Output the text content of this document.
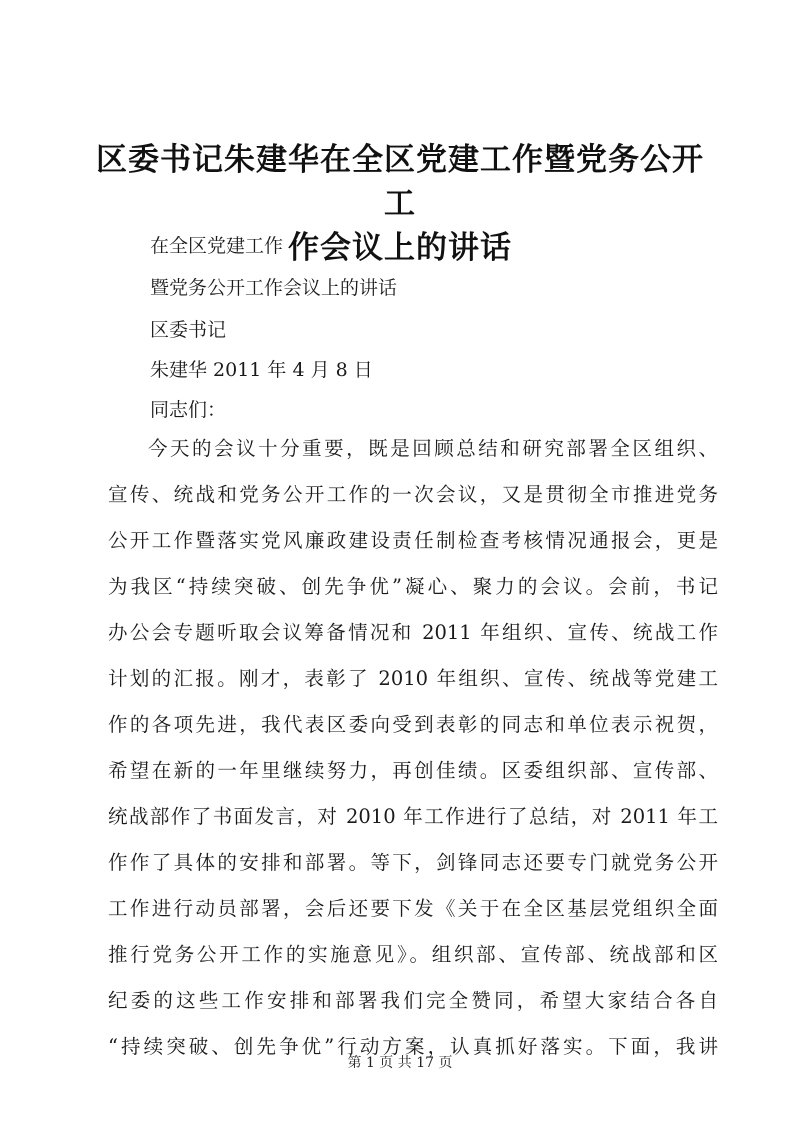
区委书记朱建华在全区党建工作暨党务公开工
作会议上的讲话
在全区党建工作
暨党务公开工作会议上的讲话
区委书记
朱建华 2011 年 4 月 8 日
同志们：
今天的会议十分重要，既是回顾总结和研究部署全区组织、
宣传、统战和党务公开工作的一次会议，又是贯彻全市推进党务
公开工作暨落实党风廉政建设责任制检查考核情况通报会，更是
为我区“持续突破、创先争优”凝心、聚力的会议。会前，书记
办公会专题听取会议筹备情况和 2011 年组织、宣传、统战工作
计划的汇报。刚才，表彰了 2010 年组织、宣传、统战等党建工
作的各项先进，我代表区委向受到表彰的同志和单位表示祝贺，
希望在新的一年里继续努力，再创佳绩。区委组织部、宣传部、
统战部作了书面发言，对 2010 年工作进行了总结，对 2011 年工
作作了具体的安排和部署。等下，剑锋同志还要专门就党务公开
工作进行动员部署，会后还要下发《关于在全区基层党组织全面
推行党务公开工作的实施意见》。组织部、宣传部、统战部和区
纪委的这些工作安排和部署我们完全赞同，希望大家结合各自
“持续突破、创先争优”行动方案，认真抓好落实。下面，我讲
第 1 页 共 17 页
